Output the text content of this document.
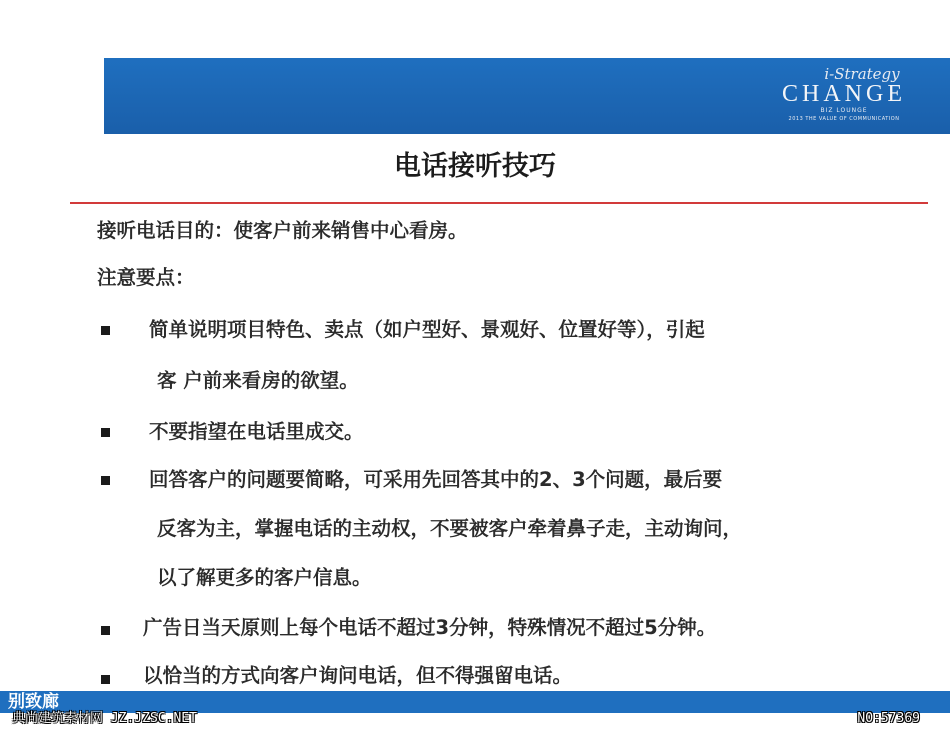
i-Strategy
CHANGE
BIZ LOUNGE
2013 THE VALUE OF COMMUNICATION
电话接听技巧
接听电话目的：使客户前来销售中心看房。
注意要点：
简单说明项目特色、卖点（如户型好、景观好、位置好等），引起
客 户前来看房的欲望。
不要指望在电话里成交。
回答客户的问题要简略，可采用先回答其中的2、3个问题，最后要
反客为主，掌握电话的主动权，不要被客户牵着鼻子走，主动询问，
以了解更多的客户信息。
广告日当天原则上每个电话不超过3分钟，特殊情况不超过5分钟。
以恰当的方式向客户询问电话，但不得强留电话。
别致廊
典尚建筑素材网 JZ.JZSC.NET	NO:57369
